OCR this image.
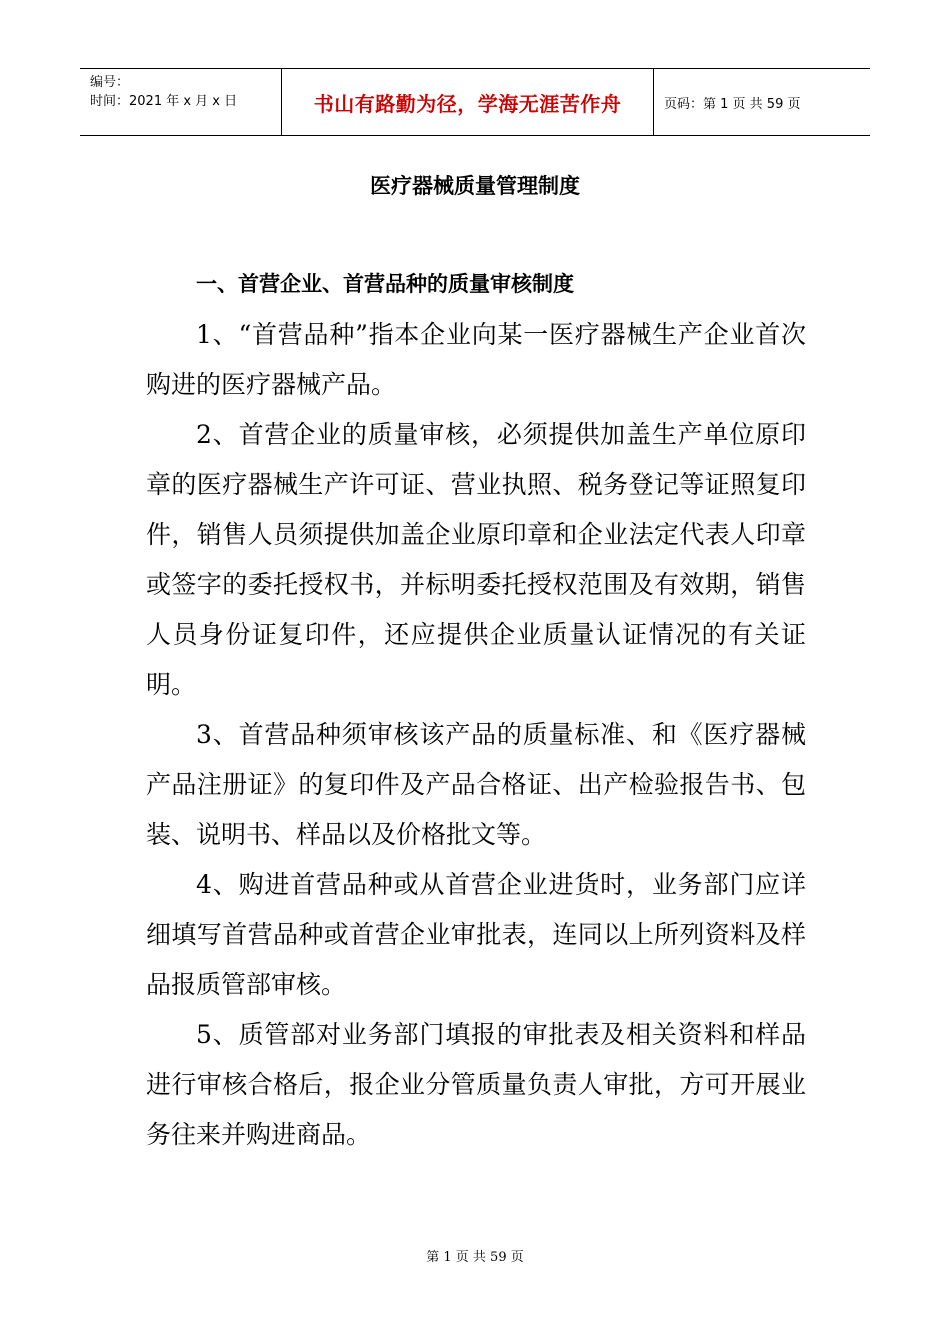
编号：
时间：2021 年 x 月 x 日	书山有路勤为径，学海无涯苦作舟	页码：第 1 页 共 59 页
医疗器械质量管理制度
一、首营企业、首营品种的质量审核制度

1、“首营品种”指本企业向某一医疗器械生产企业首次购进的医疗器械产品。

2、首营企业的质量审核，必须提供加盖生产单位原印章的医疗器械生产许可证、营业执照、税务登记等证照复印件，销售人员须提供加盖企业原印章和企业法定代表人印章或签字的委托授权书，并标明委托授权范围及有效期，销售人员身份证复印件，还应提供企业质量认证情况的有关证明。

3、首营品种须审核该产品的质量标准、和《医疗器械产品注册证》的复印件及产品合格证、出产检验报告书、包装、说明书、样品以及价格批文等。

4、购进首营品种或从首营企业进货时，业务部门应详细填写首营品种或首营企业审批表，连同以上所列资料及样品报质管部审核。

5、质管部对业务部门填报的审批表及相关资料和样品进行审核合格后，报企业分管质量负责人审批，方可开展业务往来并购进商品。

第 1 页 共 59 页
